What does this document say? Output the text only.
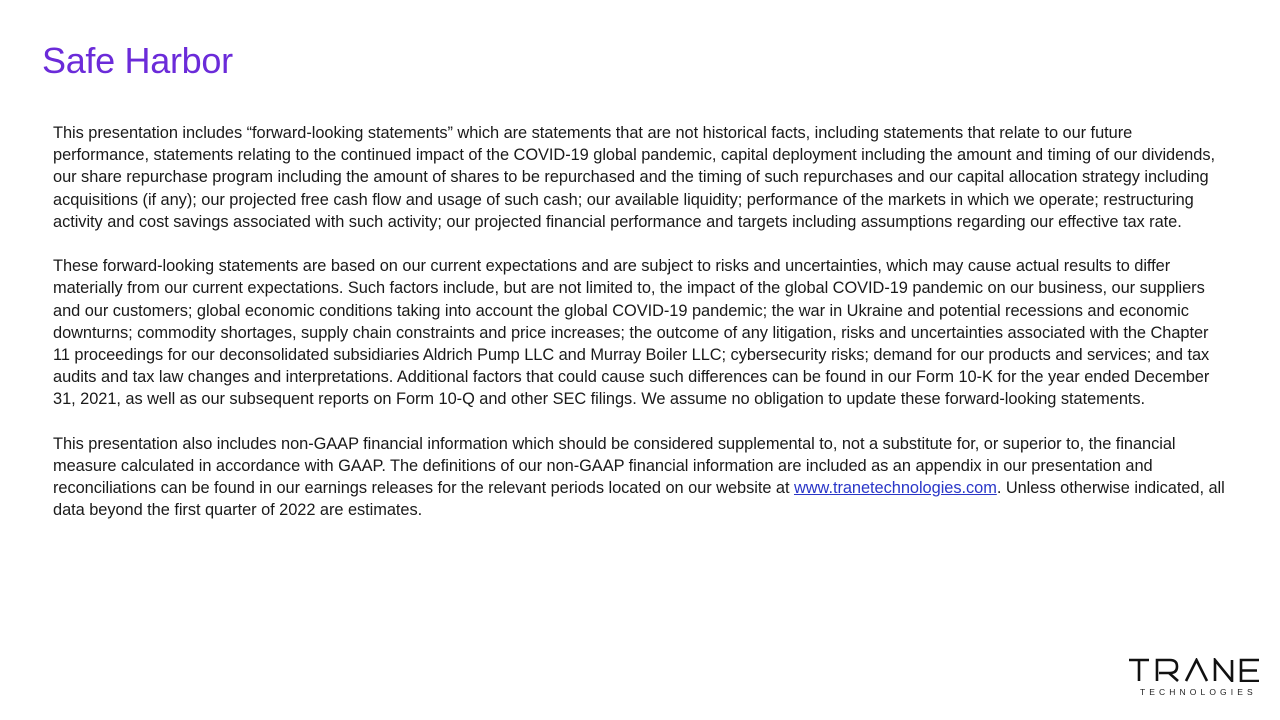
Safe Harbor

This presentation includes “forward-looking statements” which are statements that are not historical facts, including statements that relate to our future performance, statements relating to the continued impact of the COVID-19 global pandemic, capital deployment including the amount and timing of our dividends, our share repurchase program including the amount of shares to be repurchased and the timing of such repurchases and our capital allocation strategy including acquisitions (if any); our projected free cash flow and usage of such cash; our available liquidity; performance of the markets in which we operate; restructuring activity and cost savings associated with such activity; our projected financial performance and targets including assumptions regarding our effective tax rate.

These forward-looking statements are based on our current expectations and are subject to risks and uncertainties, which may cause actual results to differ materially from our current expectations. Such factors include, but are not limited to, the impact of the global COVID-19 pandemic on our business, our suppliers and our customers; global economic conditions taking into account the global COVID-19 pandemic; the war in Ukraine and potential recessions and economic downturns; commodity shortages, supply chain constraints and price increases; the outcome of any litigation, risks and uncertainties associated with the Chapter 11 proceedings for our deconsolidated subsidiaries Aldrich Pump LLC and Murray Boiler LLC; cybersecurity risks; demand for our products and services; and tax audits and tax law changes and interpretations. Additional factors that could cause such differences can be found in our Form 10-K for the year ended December 31, 2021, as well as our subsequent reports on Form 10-Q and other SEC filings. We assume no obligation to update these forward-looking statements.

This presentation also includes non-GAAP financial information which should be considered supplemental to, not a substitute for, or superior to, the financial measure calculated in accordance with GAAP. The definitions of our non-GAAP financial information are included as an appendix in our presentation and reconciliations can be found in our earnings releases for the relevant periods located on our website at www.tranetechnologies.com. Unless otherwise indicated, all data beyond the first quarter of 2022 are estimates.

TECHNOLOGIES
